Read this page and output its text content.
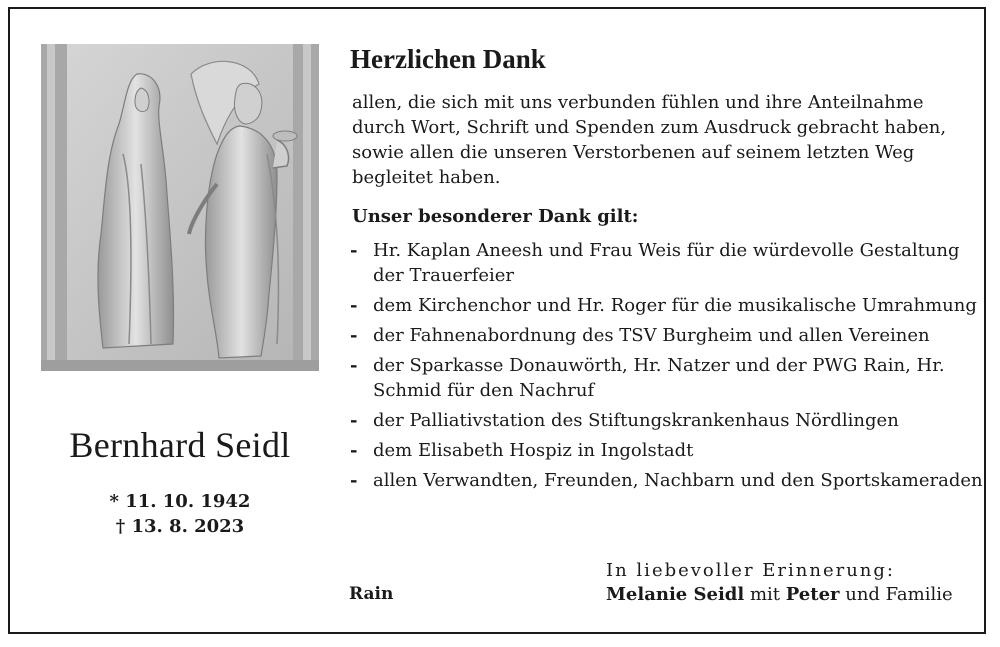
Bernhard Seidl
* 11. 10. 1942
† 13. 8. 2023
Herzlichen Dank
allen, die sich mit uns verbunden fühlen und ihre Anteilnahme durch Wort, Schrift und Spenden zum Ausdruck gebracht haben, sowie allen die unseren Verstorbenen auf seinem letzten Weg begleitet haben.
Unser besonderer Dank gilt:
- Hr. Kaplan Aneesh und Frau Weis für die würdevolle Gestaltung der Trauerfeier
- dem Kirchenchor und Hr. Roger für die musikalische Umrahmung
- der Fahnenabordnung des TSV Burgheim und allen Vereinen
- der Sparkasse Donauwörth, Hr. Natzer und der PWG Rain, Hr. Schmid für den Nachruf
- der Palliativstation des Stiftungskrankenhaus Nördlingen
- dem Elisabeth Hospiz in Ingolstadt
- allen Verwandten, Freunden, Nachbarn und den Sportskameraden
In liebevoller Erinnerung:
Rain	Melanie Seidl mit Peter und Familie
